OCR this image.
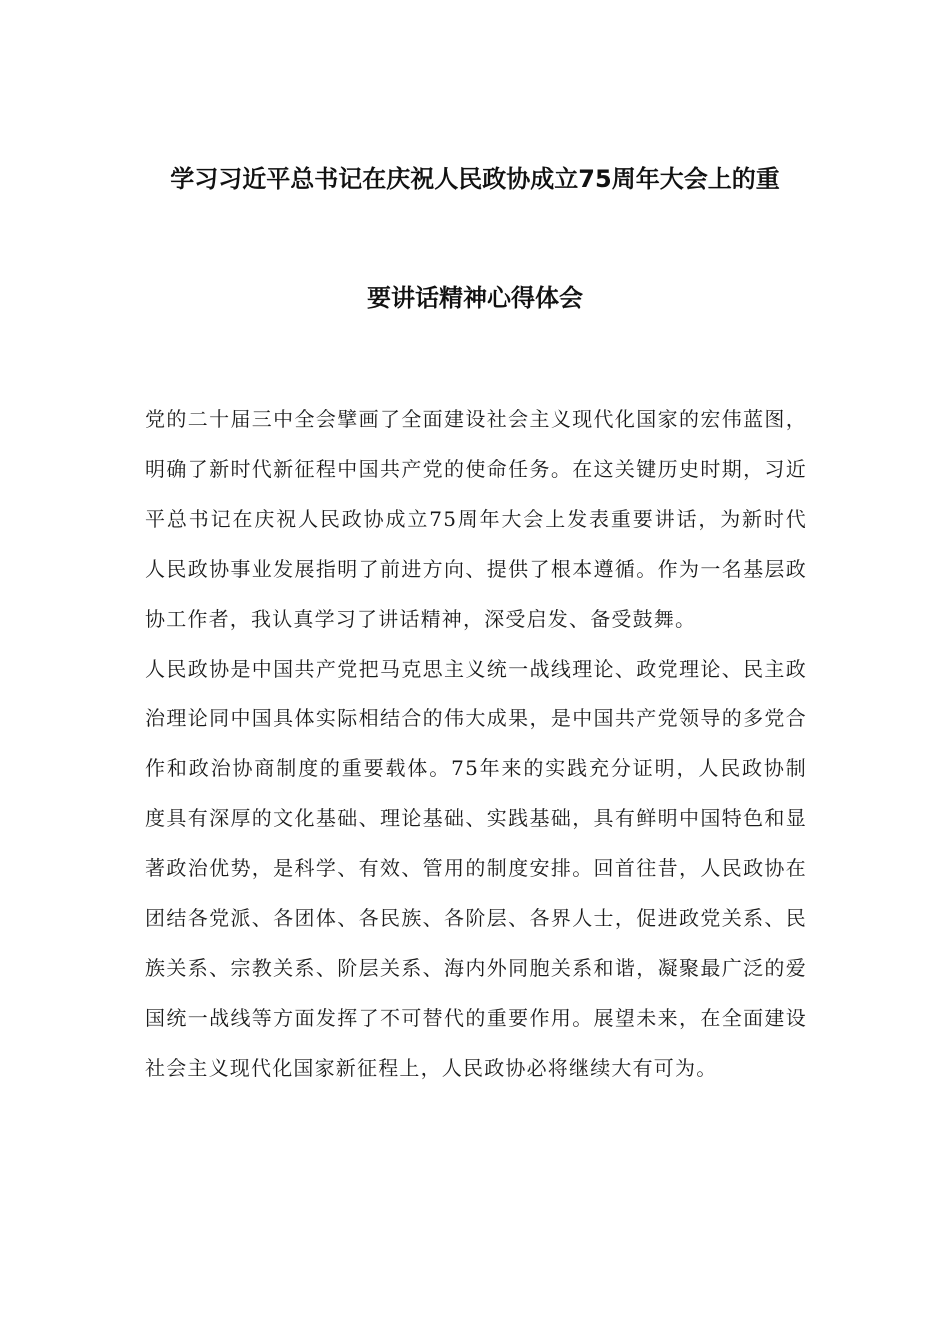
学习习近平总书记在庆祝人民政协成立75周年大会上的重
要讲话精神心得体会

党的二十届三中全会擘画了全面建设社会主义现代化国家的宏伟蓝图，明确了新时代新征程中国共产党的使命任务。在这关键历史时期，习近平总书记在庆祝人民政协成立75周年大会上发表重要讲话，为新时代人民政协事业发展指明了前进方向、提供了根本遵循。作为一名基层政协工作者，我认真学习了讲话精神，深受启发、备受鼓舞。

人民政协是中国共产党把马克思主义统一战线理论、政党理论、民主政治理论同中国具体实际相结合的伟大成果，是中国共产党领导的多党合作和政治协商制度的重要载体。75年来的实践充分证明，人民政协制度具有深厚的文化基础、理论基础、实践基础，具有鲜明中国特色和显著政治优势，是科学、有效、管用的制度安排。回首往昔，人民政协在团结各党派、各团体、各民族、各阶层、各界人士，促进政党关系、民族关系、宗教关系、阶层关系、海内外同胞关系和谐，凝聚最广泛的爱国统一战线等方面发挥了不可替代的重要作用。展望未来，在全面建设社会主义现代化国家新征程上，人民政协必将继续大有可为。
